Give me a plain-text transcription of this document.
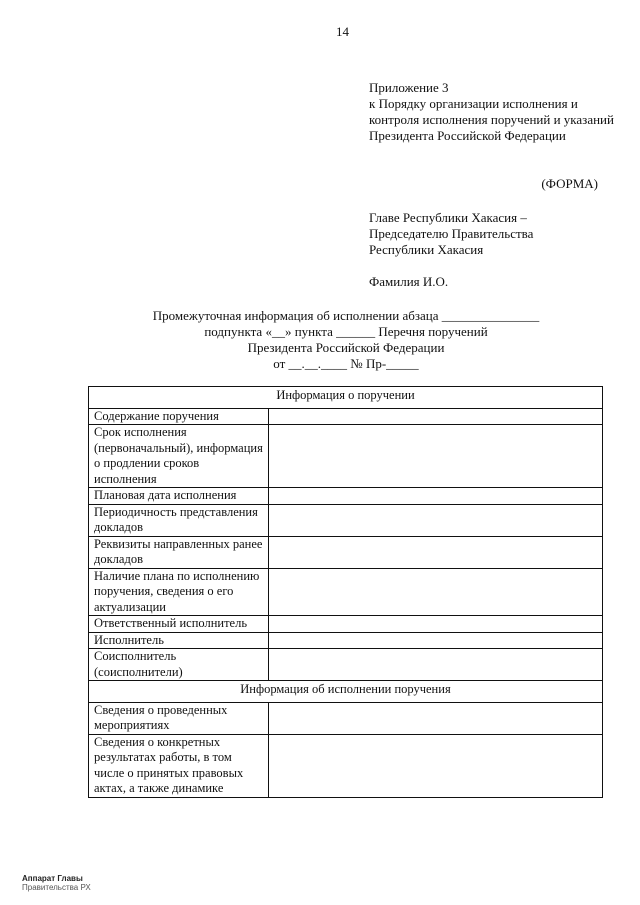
14
Приложение 3
к Порядку организации исполнения и контроля исполнения поручений и указаний Президента Российской Федерации
(ФОРМА)
Главе Республики Хакасия –
Председателю Правительства
Республики Хакасия
Фамилия И.О.
Промежуточная информация об исполнении абзаца _______________
подпункта «__» пункта ______ Перечня поручений
Президента Российской Федерации
от __.__.____ № Пр-_____
Информация о поручении	
Содержание поручения	
Срок исполнения (первоначальный), информация о продлении сроков исполнения	
Плановая дата исполнения	
Периодичность представления докладов	
Реквизиты направленных ранее докладов	
Наличие плана по исполнению поручения, сведения о его актуализации	
Ответственный исполнитель	
Исполнитель	
Соисполнитель (соисполнители)	
Информация об исполнении поручения	
Сведения о проведенных мероприятиях	
Сведения о конкретных результатах работы, в том числе о принятых правовых актах, а также динамике	
Аппарат Главы
Правительства РХ
